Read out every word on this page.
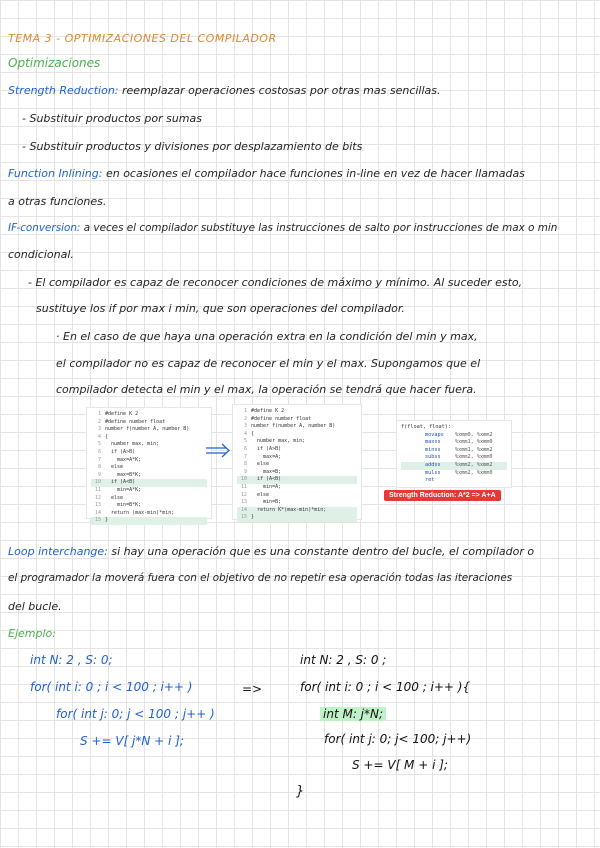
TEMA 3 - OPTIMIZACIONES DEL COMPILADOR
Optimizaciones
Strength Reduction: reemplazar operaciones costosas por otras mas sencillas.
- Substituir productos por sumas
- Substituir productos y divisiones por desplazamiento de bits
Function Inlining: en ocasiones el compilador hace funciones in-line en vez de hacer llamadas
a otras funciones.
IF-conversion: a veces el compilador substituye las instrucciones de salto por instrucciones de max o min
condicional.
- El compilador es capaz de reconocer condiciones de máximo y mínimo. Al suceder esto,
sustituye los if por max i min, que son operaciones del compilador.
· En el caso de que haya una operación extra en la condición del min y max,
el compilador no es capaz de reconocer el min y el max. Supongamos que el
compilador detecta el min y el max, la operación se tendrá que hacer fuera.
1 #define K 2
2 #define number float
3 number f(number A, number B)
4 {
5  number max, min;
6  if (A>B)
7    max=A*K;
8  else
9    max=B*K;
10  if (A<B)
11    min=A*K;
12  else
13    min=B*K;
14  return (max-min)*min;
15 }
1 #define K 2
2 #define number float
3 number f(number A, number B)
4 {
5  number max, min;
6  if (A>B)
7    max=A;
8  else
9    max=B;
10  if (A<B)
11    min=A;
12  else
13    min=B;
14  return K*(max-min)*min;
15 }
f(float, float):
movaps	%xmm0, %xmm2
maxss	%xmm1, %xmm0
minss	%xmm1, %xmm2
subss	%xmm2, %xmm0
addss	%xmm2, %xmm2
mulss	%xmm2, %xmm0
ret
Strength Reduction: A*2 => A+A
Loop interchange: si hay una operación que es una constante dentro del bucle, el compilador o
el programador la moverá fuera con el objetivo de no repetir esa operación todas las iteraciones
del bucle.
Ejemplo:
int N: 2 , S: 0;
for( int i: 0 ; i < 100 ; i++ )
for( int j: 0; j < 100 ; j++ )
S += V[ j*N + i ];
=>
int N: 2 , S: 0 ;
for( int i: 0 ; i < 100 ; i++ ){
int M: j*N;
for( int j: 0; j< 100; j++)
S += V[ M + i ];
}
